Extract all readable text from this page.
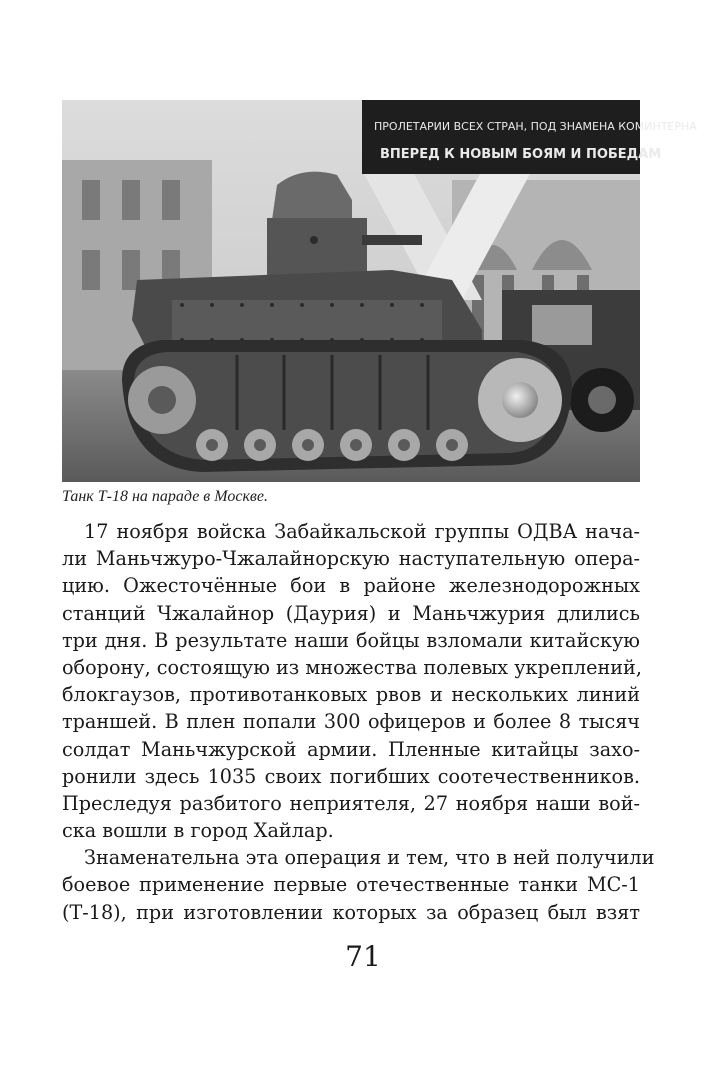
ПРОЛЕТАРИИ ВСЕХ СТРАН, ПОД ЗНАМЕНА КОМИНТЕРНА
ВПЕРЕД К НОВЫМ БОЯМ И ПОБЕДАМ
Танк Т-18 на параде в Москве.
17 ноября войска Забайкальской группы ОДВА нача-
ли Маньчжуро-Чжалайнорскую наступательную опера-
цию. Ожесточённые бои в районе железнодорожных
станций Чжалайнор (Даурия) и Маньчжурия длились
три дня. В результате наши бойцы взломали китайскую
оборону, состоящую из множества полевых укреплений,
блокгаузов, противотанковых рвов и нескольких линий
траншей. В плен попали 300 офицеров и более 8 тысяч
солдат Маньчжурской армии. Пленные китайцы захо-
ронили здесь 1035 своих погибших соотечественников.
Преследуя разбитого неприятеля, 27 ноября наши вой-
ска вошли в город Хайлар.
Знаменательна эта операция и тем, что в ней получили
боевое применение первые отечественные танки МС-1
(Т-18), при изготовлении которых за образец был взят
71
